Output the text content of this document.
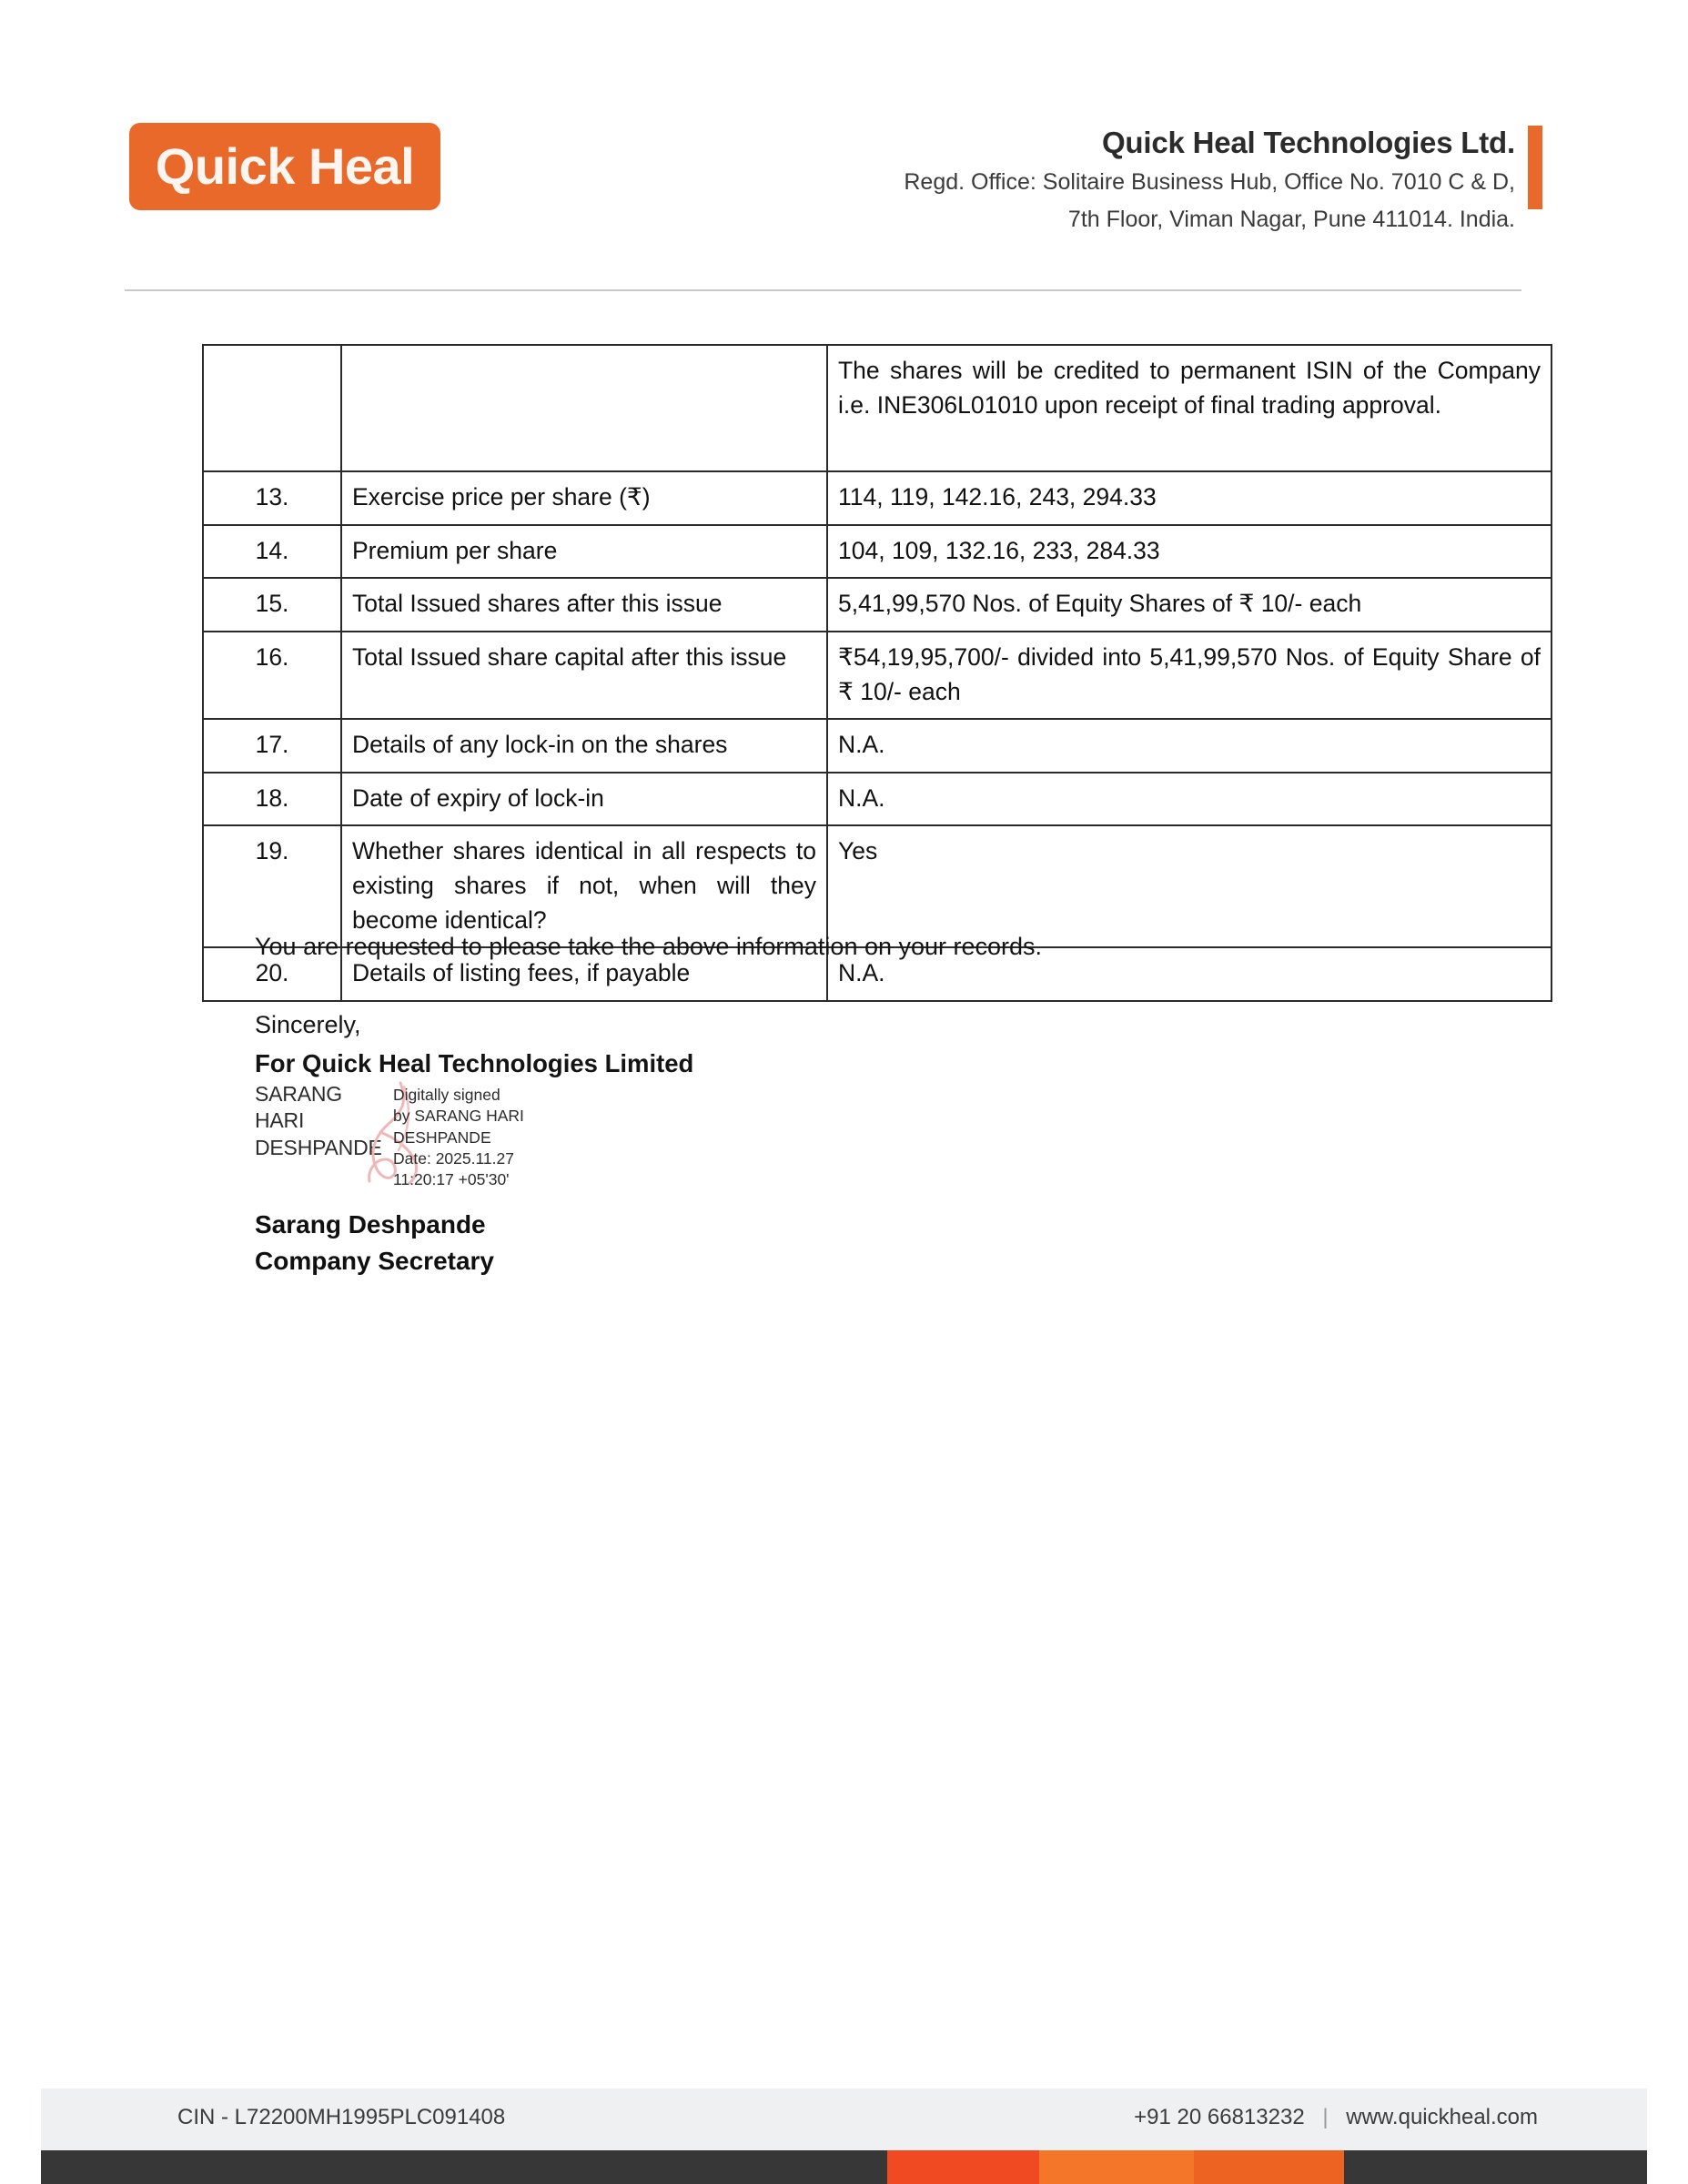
Quick Heal	Quick Heal Technologies Ltd.
Regd. Office: Solitaire Business Hub, Office No. 7010 C & D,
7th Floor, Viman Nagar, Pune 411014. India.
		The shares will be credited to permanent ISIN of the Company i.e. INE306L01010 upon receipt of final trading approval.
13.	Exercise price per share (₹)	114, 119, 142.16, 243, 294.33
14.	Premium per share	104, 109, 132.16, 233, 284.33
15.	Total Issued shares after this issue	5,41,99,570 Nos. of Equity Shares of ₹ 10/- each
16.	Total Issued share capital after this issue	₹54,19,95,700/- divided into 5,41,99,570 Nos. of Equity Share of ₹ 10/- each
17.	Details of any lock-in on the shares	N.A.
18.	Date of expiry of lock-in	N.A.
19.	Whether shares identical in all respects to existing shares if not, when will they become identical?	Yes
20.	Details of listing fees, if payable	N.A.
You are requested to please take the above information on your records.
Sincerely,
For Quick Heal Technologies Limited
SARANG HARI DESHPANDE
Digitally signed
by SARANG HARI
DESHPANDE
Date: 2025.11.27
11:20:17 +05'30'
Sarang Deshpande
Company Secretary
CIN - L72200MH1995PLC091408	+91 20 66813232 | www.quickheal.com
